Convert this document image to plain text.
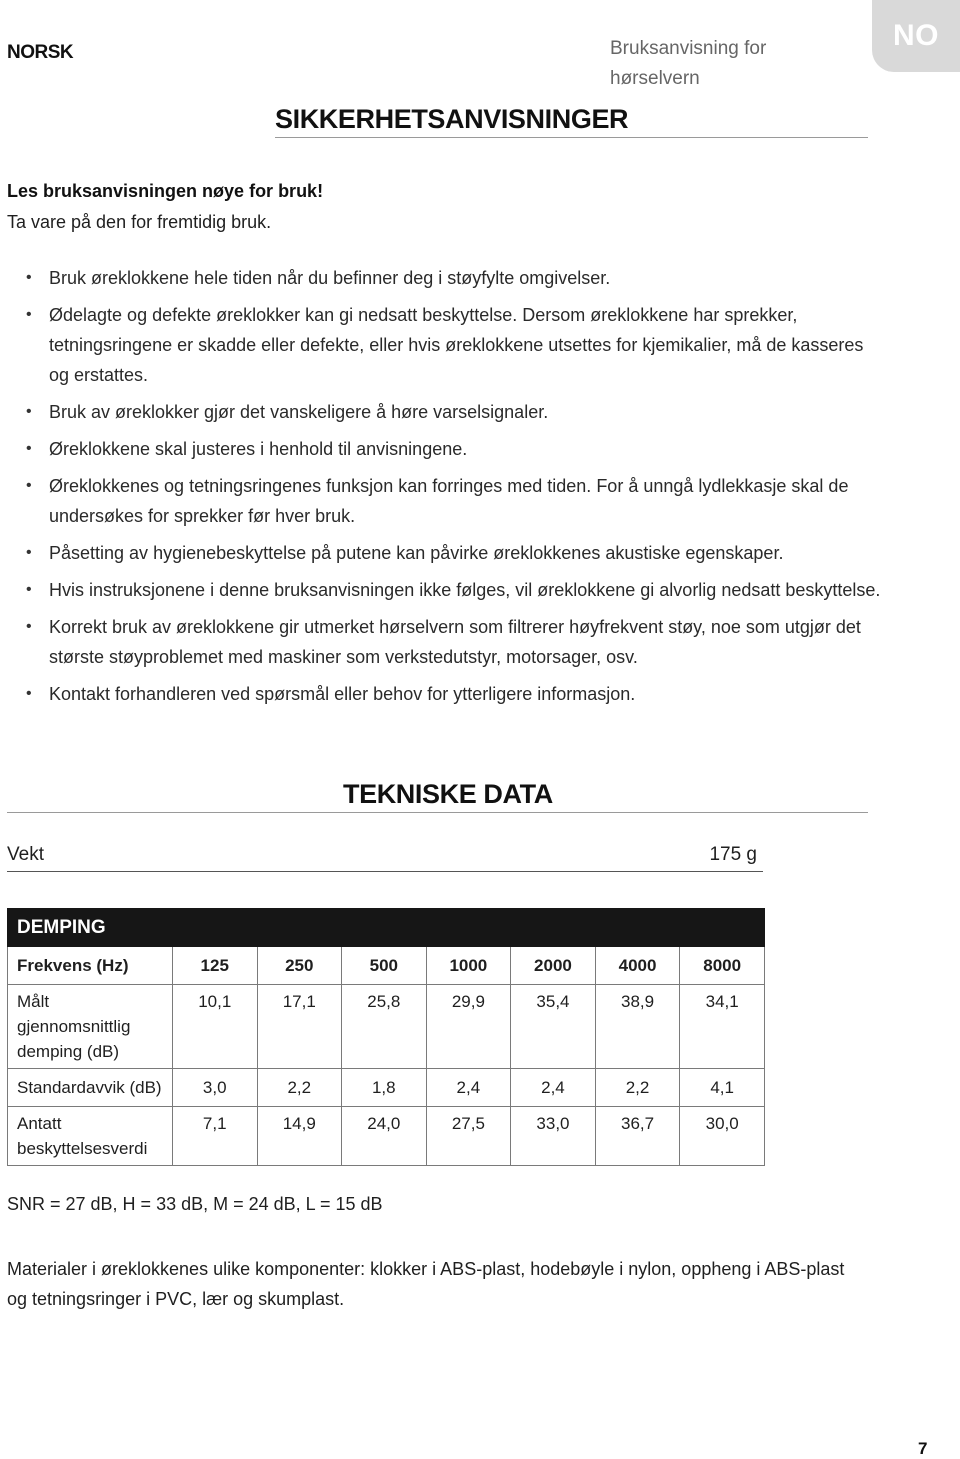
NORSK	Bruksanvisning for hørselvern
NO
SIKKERHETSANVISNINGER
Les bruksanvisningen nøye for bruk!
Ta vare på den for fremtidig bruk.
• Bruk øreklokkene hele tiden når du befinner deg i støyfylte omgivelser.
• Ødelagte og defekte øreklokker kan gi nedsatt beskyttelse. Dersom øreklokkene har sprekker, tetningsringene er skadde eller defekte, eller hvis øreklokkene utsettes for kjemikalier, må de kasseres og erstattes.
• Bruk av øreklokker gjør det vanskeligere å høre varselsignaler.
• Øreklokkene skal justeres i henhold til anvisningene.
• Øreklokkenes og tetningsringenes funksjon kan forringes med tiden. For å unngå lydlekkasje skal de undersøkes for sprekker før hver bruk.
• Påsetting av hygienebeskyttelse på putene kan påvirke øreklokkenes akustiske egenskaper.
• Hvis instruksjonene i denne bruksanvisningen ikke følges, vil øreklokkene gi alvorlig nedsatt beskyttelse.
• Korrekt bruk av øreklokkene gir utmerket hørselvern som filtrerer høyfrekvent støy, noe som utgjør det største støyproblemet med maskiner som verkstedutstyr, motorsager, osv.
• Kontakt forhandleren ved spørsmål eller behov for ytterligere informasjon.
TEKNISKE DATA
Vekt	175 g
DEMPING							
Frekvens (Hz)	125	250	500	1000	2000	4000	8000
Målt gjennomsnittlig demping (dB)	10,1	17,1	25,8	29,9	35,4	38,9	34,1
Standardavvik (dB)	3,0	2,2	1,8	2,4	2,4	2,2	4,1
Antatt beskyttelsesverdi	7,1	14,9	24,0	27,5	33,0	36,7	30,0
SNR = 27 dB, H = 33 dB, M = 24 dB, L = 15 dB
Materialer i øreklokkenes ulike komponenter: klokker i ABS-plast, hodebøyle i nylon, oppheng i ABS-plast og tetningsringer i PVC, lær og skumplast.
7
